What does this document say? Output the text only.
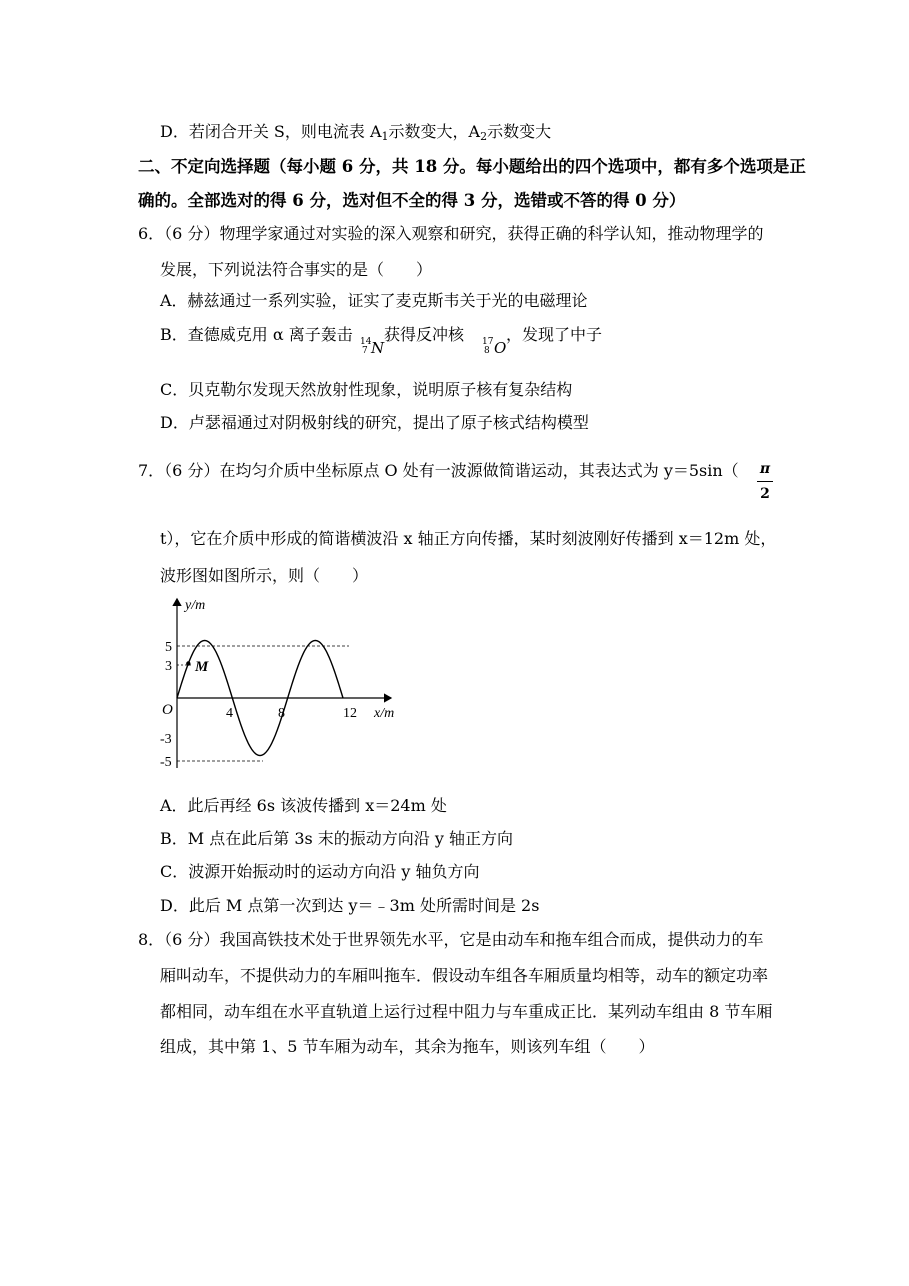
D．若闭合开关 S，则电流表 $A_1$示数变大，$A_2$示数变大
二、不定向选择题（每小题 6 分，共 18 分。每小题给出的四个选项中，都有多个选项是正
确的。全部选对的得 6 分，选对但不全的得 3 分，选错或不答的得 0 分）
6．（6 分）物理学家通过对实验的深入观察和研究，获得正确的科学认知，推动物理学的
发展，下列说法符合事实的是（　　）
A．赫兹通过一系列实验，证实了麦克斯韦关于光的电磁理论
B．查德威克用 α 离子轰击 14
7 N
获得反冲核 17
8 O
，发现了中子
C．贝克勒尔发现天然放射性现象，说明原子核有复杂结构
D．卢瑟福通过对阴极射线的研究，提出了原子核式结构模型
7．（6 分）在均匀介质中坐标原点 O 处有一波源做简谐运动，其表达式为 y＝5sin（ π
2
t），它在介质中形成的简谐横波沿 x 轴正方向传播，某时刻波刚好传播到 x＝12m 处，
波形图如图所示，则（　　）
M
y/m
x/m
O
5
3
-3
-5
4	8	12
A．此后再经 6s 该波传播到 x＝24m 处
B．M 点在此后第 3s 末的振动方向沿 y 轴正方向
C．波源开始振动时的运动方向沿 y 轴负方向
D．此后 M 点第一次到达 y＝﹣3m 处所需时间是 2s
8．（6 分）我国高铁技术处于世界领先水平，它是由动车和拖车组合而成，提供动力的车
厢叫动车，不提供动力的车厢叫拖车．假设动车组各车厢质量均相等，动车的额定功率
都相同，动车组在水平直轨道上运行过程中阻力与车重成正比．某列动车组由 8 节车厢
组成，其中第 1、5 节车厢为动车，其余为拖车，则该列车组（　　）
